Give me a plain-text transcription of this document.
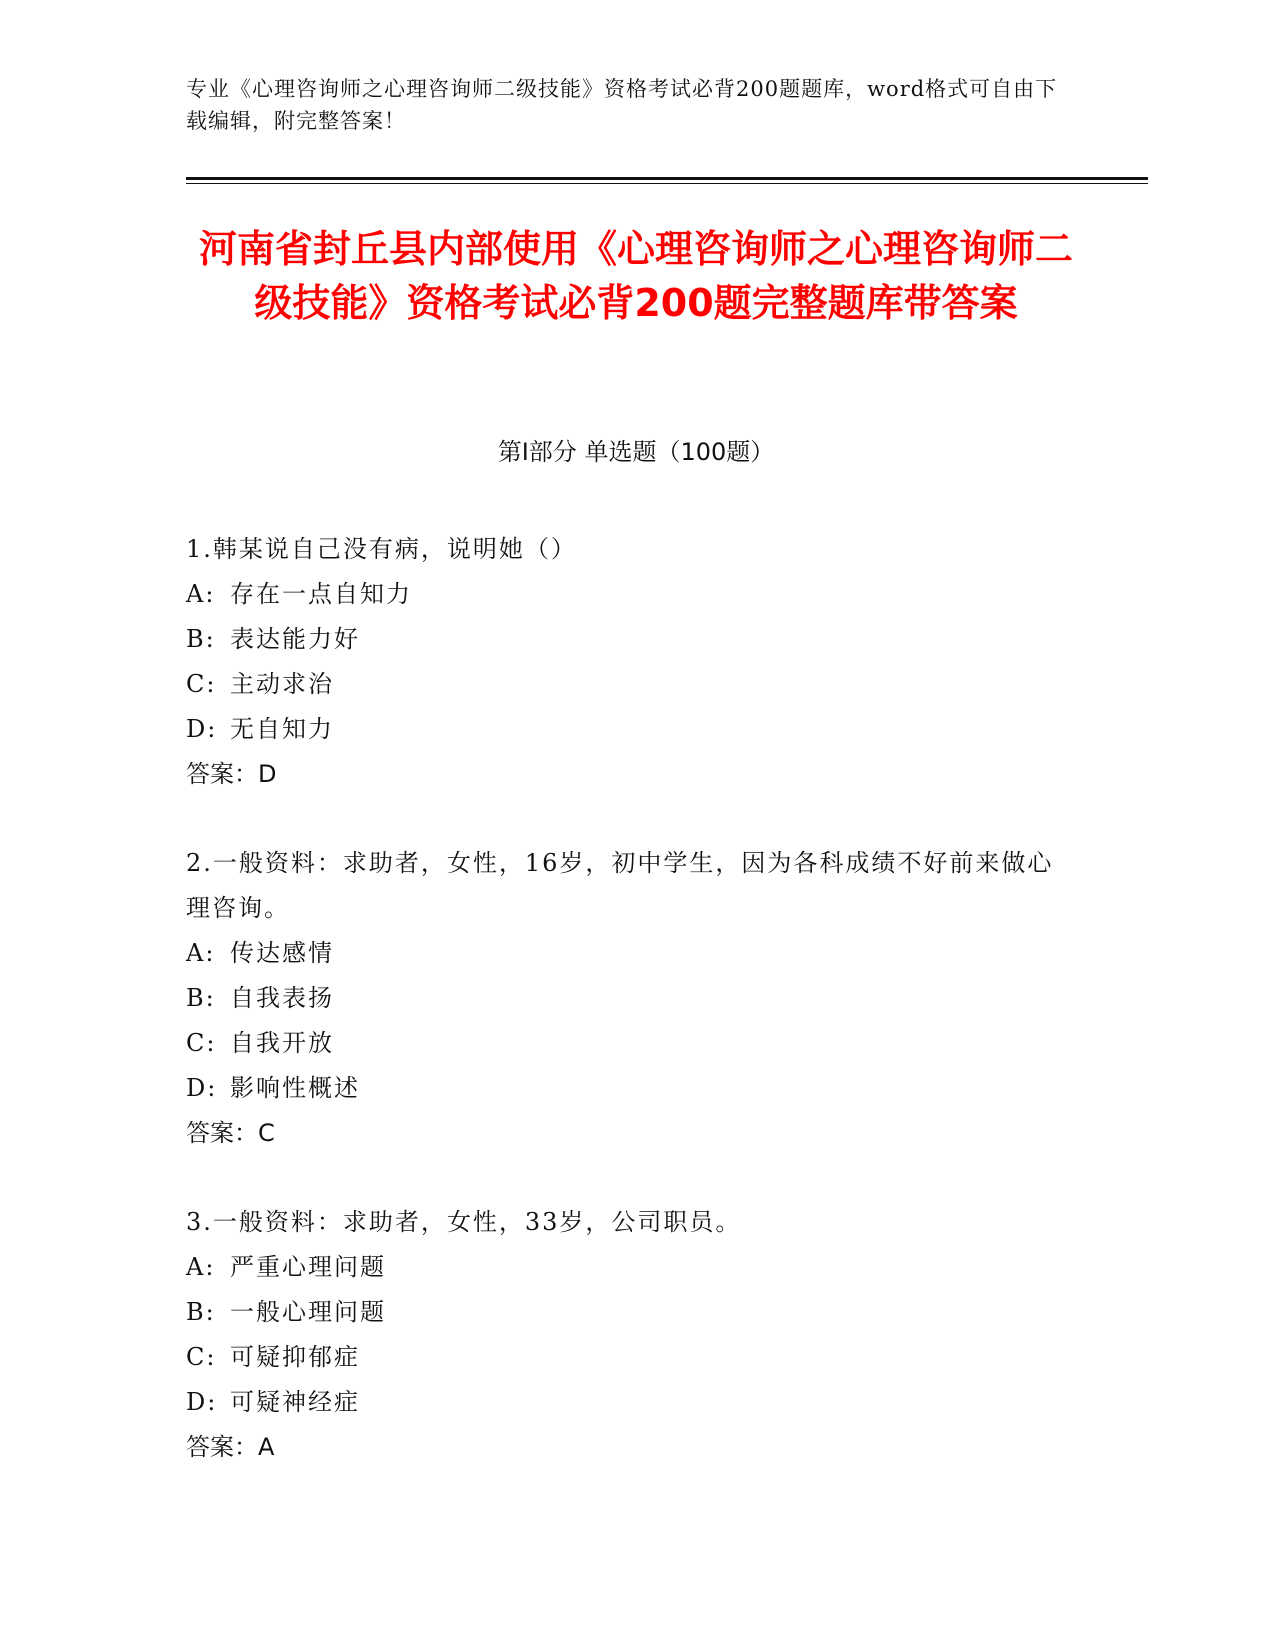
专业《心理咨询师之心理咨询师二级技能》资格考试必背200题题库，word格式可自由下载编辑，附完整答案！
河南省封丘县内部使用《心理咨询师之心理咨询师二级技能》资格考试必背200题完整题库带答案
第Ⅰ部分 单选题（100题）
1.韩某说自己没有病，说明她（）
A: 存在一点自知力
B: 表达能力好
C: 主动求治
D: 无自知力
答案：D
2.一般资料：求助者，女性，16岁，初中学生，因为各科成绩不好前来做心理咨询。
A: 传达感情
B: 自我表扬
C: 自我开放
D: 影响性概述
答案：C
3.一般资料：求助者，女性，33岁，公司职员。
A: 严重心理问题
B: 一般心理问题
C: 可疑抑郁症
D: 可疑神经症
答案：A
